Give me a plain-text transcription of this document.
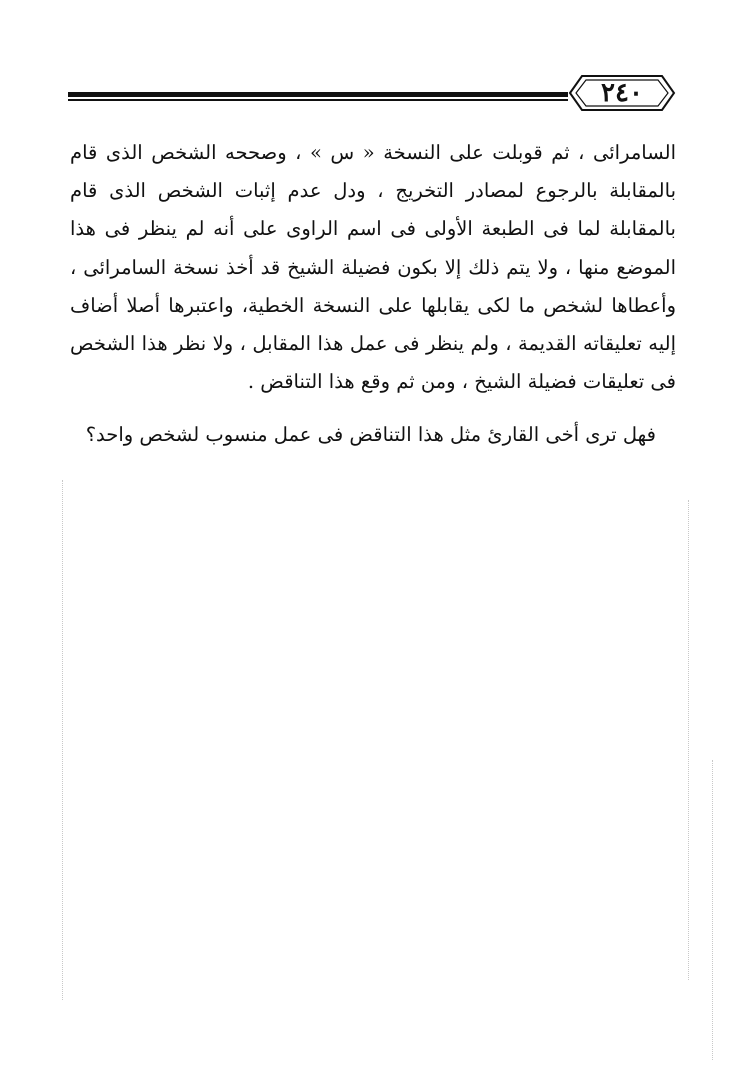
٢٤٠

السامرائى ، ثم قوبلت على النسخة « س » ، وصححه الشخص الذى قام بالمقابلة بالرجوع لمصادر التخريج ، ودل عدم إثبات الشخص الذى قام بالمقابلة لما فى الطبعة الأولى فى اسم الراوى على أنه لم ينظر فى هذا الموضع منها ، ولا يتم ذلك إلا بكون فضيلة الشيخ قد أخذ نسخة السامرائى ، وأعطاها لشخص ما لكى يقابلها على النسخة الخطية، واعتبرها أصلا أضاف إليه تعليقاته القديمة ، ولم ينظر فى عمل هذا المقابل ، ولا نظر هذا الشخص فى تعليقات فضيلة الشيخ ، ومن ثم وقع هذا التناقض .

فهل ترى أخى القارئ مثل هذا التناقض فى عمل منسوب لشخص واحد؟
